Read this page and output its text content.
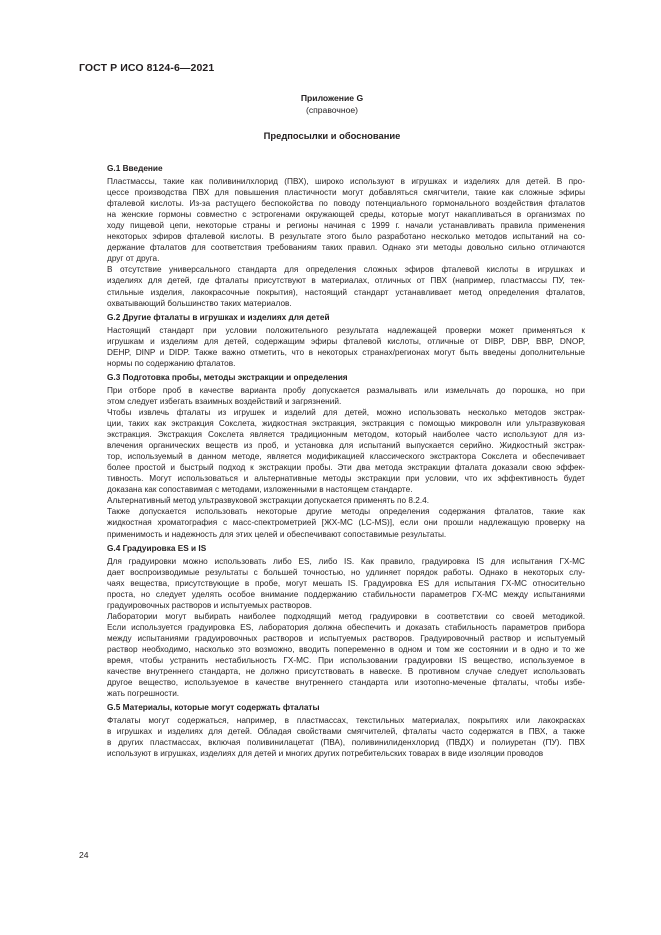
ГОСТ Р ИСО 8124-6—2021
Приложение G
(справочное)
Предпосылки и обоснование
G.1 Введение
Пластмассы, такие как поливинилхлорид (ПВХ), широко используют в игрушках и изделиях для детей. В про-
цессе производства ПВХ для повышения пластичности могут добавляться смягчители, такие как сложные эфиры
фталевой кислоты. Из-за растущего беспокойства по поводу потенциального гормонального воздействия фталатов
на женские гормоны совместно с эстрогенами окружающей среды, которые могут накапливаться в организмах по
ходу пищевой цепи, некоторые страны и регионы начиная с 1999 г. начали устанавливать правила применения
некоторых эфиров фталевой кислоты. В результате этого было разработано несколько методов испытаний на со-
держание фталатов для соответствия требованиям таких правил. Однако эти методы довольно сильно отличаются
друг от друга.
В отсутствие универсального стандарта для определения сложных эфиров фталевой кислоты в игрушках и
изделиях для детей, где фталаты присутствуют в материалах, отличных от ПВХ (например, пластмассы ПУ, тек-
стильные изделия, лакокрасочные покрытия), настоящий стандарт устанавливает метод определения фталатов,
охватывающий большинство таких материалов.
G.2 Другие фталаты в игрушках и изделиях для детей
Настоящий стандарт при условии положительного результата надлежащей проверки может применяться к
игрушкам и изделиям для детей, содержащим эфиры фталевой кислоты, отличные от DIBP, DBP, BBP, DNOP,
DEHP, DINP и DIDP. Также важно отметить, что в некоторых странах/регионах могут быть введены дополнительные
нормы по содержанию фталатов.
G.3 Подготовка пробы, методы экстракции и определения
При отборе проб в качестве варианта пробу допускается размалывать или измельчать до порошка, но при
этом следует избегать взаимных воздействий и загрязнений.
Чтобы извлечь фталаты из игрушек и изделий для детей, можно использовать несколько методов экстрак-
ции, таких как экстракция Сокслета, жидкостная экстракция, экстракция с помощью микроволн или ультразвуковая
экстракция. Экстракция Сокслета является традиционным методом, который наиболее часто используют для из-
влечения органических веществ из проб, и установка для испытаний выпускается серийно. Жидкостный экстрак-
тор, используемый в данном методе, является модификацией классического экстрактора Сокслета и обеспечивает
более простой и быстрый подход к экстракции пробы. Эти два метода экстракции фталата доказали свою эффек-
тивность. Могут использоваться и альтернативные методы экстракции при условии, что их эффективность будет
доказана как сопоставимая с методами, изложенными в настоящем стандарте.
Альтернативный метод ультразвуковой экстракции допускается применять по 8.2.4.
Также допускается использовать некоторые другие методы определения содержания фталатов, такие как
жидкостная хроматография с масс-спектрометрией [ЖХ-МС (LC-MS)], если они прошли надлежащую проверку на
применимость и надежность для этих целей и обеспечивают сопоставимые результаты.
G.4 Градуировка ES и IS
Для градуировки можно использовать либо ES, либо IS. Как правило, градуировка IS для испытания ГХ-МС
дает воспроизводимые результаты с большей точностью, но удлиняет порядок работы. Однако в некоторых слу-
чаях вещества, присутствующие в пробе, могут мешать IS. Градуировка ES для испытания ГХ-МС относительно
проста, но следует уделять особое внимание поддержанию стабильности параметров ГХ-МС между испытаниями
градуировочных растворов и испытуемых растворов.
Лаборатории могут выбирать наиболее подходящий метод градуировки в соответствии со своей методикой.
Если используется градуировка ES, лаборатория должна обеспечить и доказать стабильность параметров прибора
между испытаниями градуировочных растворов и испытуемых растворов. Градуировочный раствор и испытуемый
раствор необходимо, насколько это возможно, вводить попеременно в одном и том же состоянии и в одно и то же
время, чтобы устранить нестабильность ГХ-МС. При использовании градуировки IS вещество, используемое в
качестве внутреннего стандарта, не должно присутствовать в навеске. В противном случае следует использовать
другое вещество, используемое в качестве внутреннего стандарта или изотопно-меченые фталаты, чтобы избе-
жать погрешности.
G.5 Материалы, которые могут содержать фталаты
Фталаты могут содержаться, например, в пластмассах, текстильных материалах, покрытиях или лакокрасках
в игрушках и изделиях для детей. Обладая свойствами смягчителей, фталаты часто содержатся в ПВХ, а также
в других пластмассах, включая поливинилацетат (ПВА), поливинилиденхлорид (ПВДХ) и полиуретан (ПУ). ПВХ
используют в игрушках, изделиях для детей и многих других потребительских товарах в виде изоляции проводов
24
